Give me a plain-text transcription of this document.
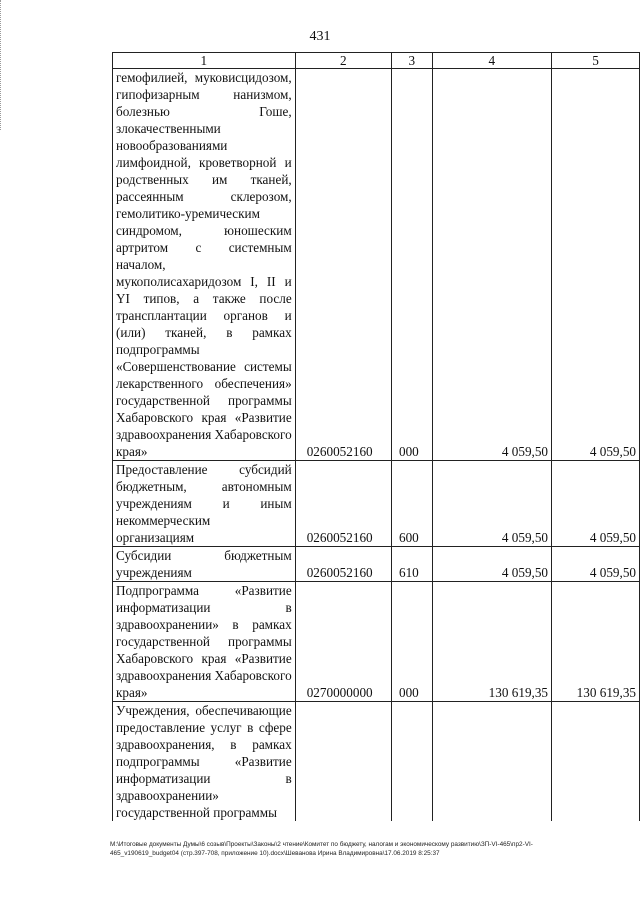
431
1	2	3	4	5
гемофилией, муковисцидозом, гипофизарным нанизмом, болезнью Гоше, злокачественными новообразованиями лимфоидной, кроветворной и родственных им тканей, рассеянным склерозом, гемолитико-уремическим синдромом, юношеским артритом с системным началом, мукополисахаридозом I, II и YI типов, а также после трансплантации органов и (или) тканей, в рамках подпрограммы «Совершенствование системы лекарственного обеспечения» государственной программы Хабаровского края «Развитие здравоохранения Хабаровского края»	0260052160	000	4 059,50	4 059,50
Предоставление субсидий бюджетным, автономным учреждениям и иным некоммерческим организациям	0260052160	600	4 059,50	4 059,50
Субсидии бюджетным учреждениям	0260052160	610	4 059,50	4 059,50
Подпрограмма «Развитие информатизации в здравоохранении» в рамках государственной программы Хабаровского края «Развитие здравоохранения Хабаровского края»	0270000000	000	130 619,35	130 619,35
Учреждения, обеспечивающие предоставление услуг в сфере здравоохранения, в рамках подпрограммы «Развитие информатизации в здравоохранении» государственной программы				
М:\Итоговые документы Думы\6 созыв\Проекты\Законы\2 чтение\Комитет по бюджету, налогам и экономическому развитию\ЗП-VI-465\пр2-VI-
465_v190619_budget04 (стр.397-708, приложение 10).docx\Шеванова Ирина Владимировна\17.06.2019 8:25:37
